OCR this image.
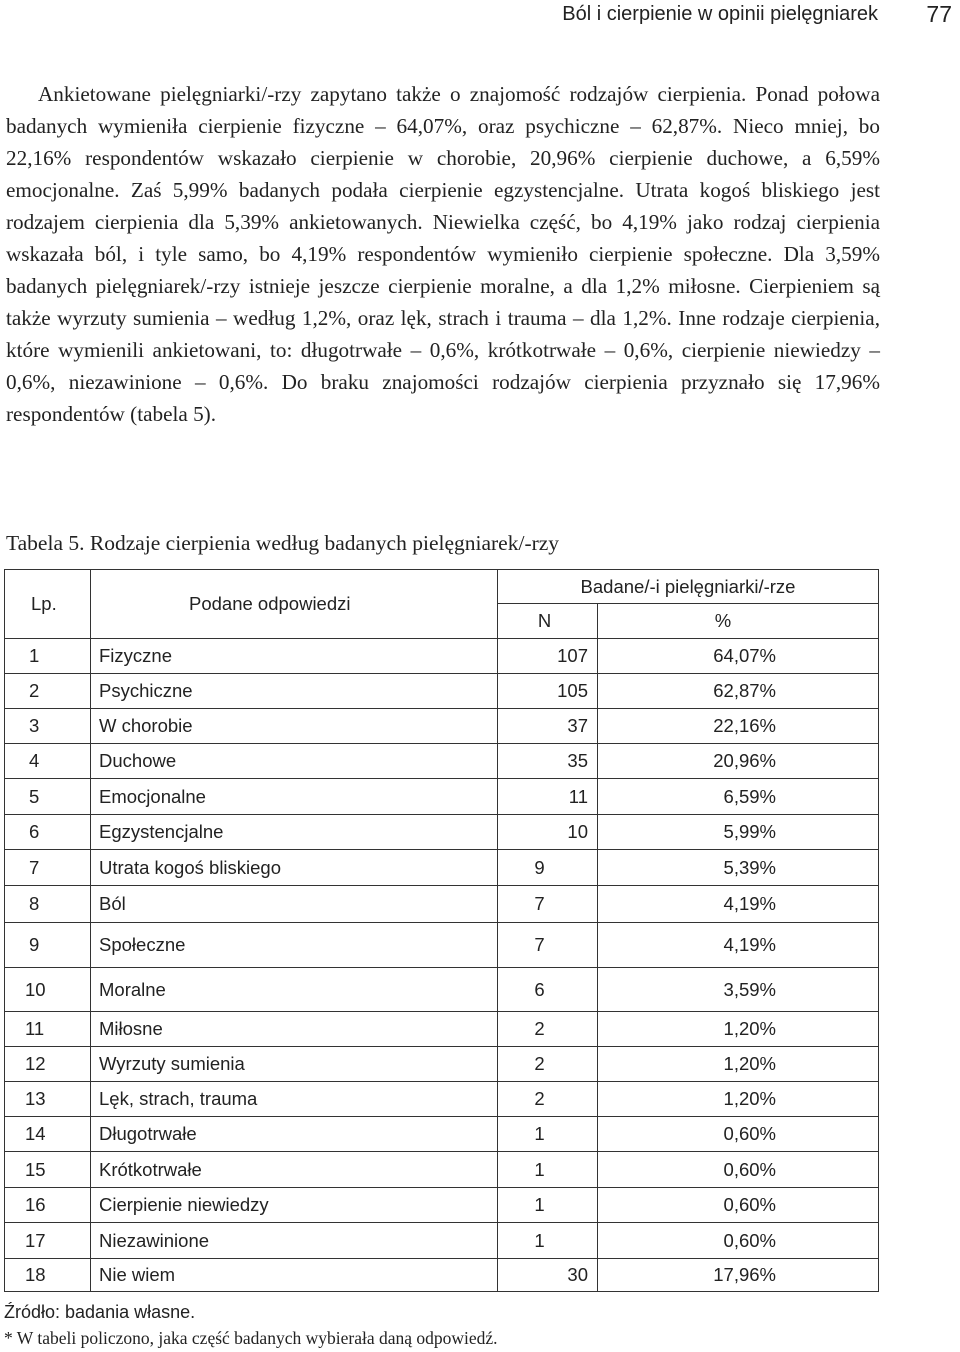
Ból i cierpienie w opinii pielęgniarek 77

Ankietowane pielęgniarki/-rzy zapytano także o znajomość rodzajów cierpienia. Ponad połowa badanych wymieniła cierpienie fizyczne – 64,07%, oraz psychiczne – 62,87%. Nieco mniej, bo 22,16% respondentów wskazało cierpienie w chorobie, 20,96% cierpienie duchowe, a 6,59% emocjonalne. Zaś 5,99% badanych podała cierpienie egzystencjalne. Utrata kogoś bliskiego jest rodzajem cierpienia dla 5,39% ankietowanych. Niewielka część, bo 4,19% jako rodzaj cierpienia wskazała ból, i tyle samo, bo 4,19% respondentów wymieniło cierpienie społeczne. Dla 3,59% badanych pielęgniarek/-rzy istnieje jeszcze cierpienie moralne, a dla 1,2% miłosne. Cierpieniem są także wyrzuty sumienia – według 1,2%, oraz lęk, strach i trauma – dla 1,2%. Inne rodzaje cierpienia, które wymienili ankietowani, to: długotrwałe – 0,6%, krótkotrwałe – 0,6%, cierpienie niewiedzy – 0,6%, niezawinione – 0,6%. Do braku znajomości rodzajów cierpienia przyznało się 17,96% respondentów (tabela 5).

Tabela 5. Rodzaje cierpienia według badanych pielęgniarek/-rzy
Lp.	Podane odpowiedzi	Badane/-i pielęgniarki/-rze	
		N	%
1	Fizyczne	107	64,07%
2	Psychiczne	105	62,87%
3	W chorobie	37	22,16%
4	Duchowe	35	20,96%
5	Emocjonalne	11	6,59%
6	Egzystencjalne	10	5,99%
7	Utrata kogoś bliskiego	9	5,39%
8	Ból	7	4,19%
9	Społeczne	7	4,19%
10	Moralne	6	3,59%
11	Miłosne	2	1,20%
12	Wyrzuty sumienia	2	1,20%
13	Lęk, strach, trauma	2	1,20%
14	Długotrwałe	1	0,60%
15	Krótkotrwałe	1	0,60%
16	Cierpienie niewiedzy	1	0,60%
17	Niezawinione	1	0,60%
18	Nie wiem	30	17,96%
Źródło: badania własne.
* W tabeli policzono, jaka część badanych wybierała daną odpowiedź.
